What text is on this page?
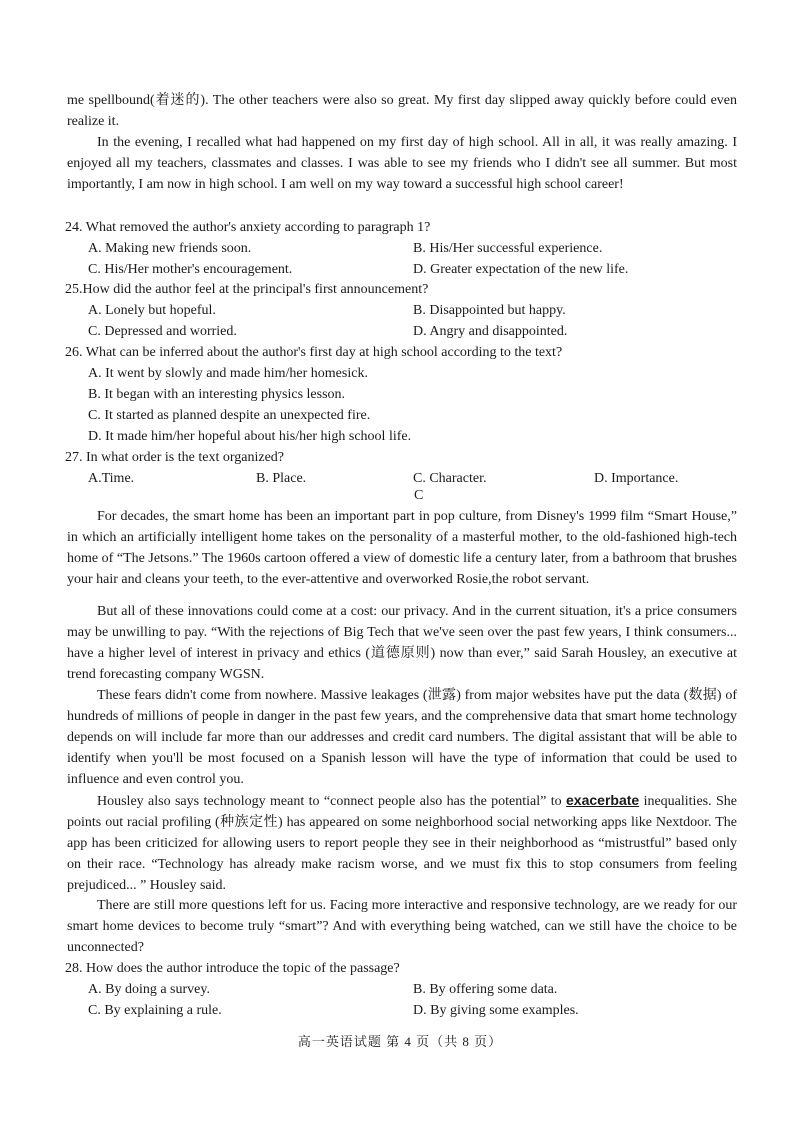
me spellbound(着迷的). The other teachers were also so great. My first day slipped away quickly before could even realize it.

In the evening, I recalled what had happened on my first day of high school. All in all, it was really amazing. I enjoyed all my teachers, classmates and classes. I was able to see my friends who I didn't see all summer. But most importantly, I am now in high school. I am well on my way toward a successful high school career!

24. What removed the author's anxiety according to paragraph 1?

A. Making new friends soon.	B. His/Her successful experience.
C. His/Her mother's encouragement.	D. Greater expectation of the new life.

25.How did the author feel at the principal's first announcement?

A. Lonely but hopeful.	B. Disappointed but happy.
C. Depressed and worried.	D. Angry and disappointed.

26. What can be inferred about the author's first day at high school according to the text?

A. It went by slowly and made him/her homesick.
B. It began with an interesting physics lesson.
C. It started as planned despite an unexpected fire.
D. It made him/her hopeful about his/her high school life.

27. In what order is the text organized?

A.Time.	B. Place.	C. Character.	D. Importance.
C

For decades, the smart home has been an important part in pop culture, from Disney's 1999 film “Smart House,” in which an artificially intelligent home takes on the personality of a masterful mother, to the old-fashioned high-tech home of “The Jetsons.” The 1960s cartoon offered a view of domestic life a century later, from a bathroom that brushes your hair and cleans your teeth, to the ever-attentive and overworked Rosie,the robot servant.

But all of these innovations could come at a cost: our privacy. And in the current situation, it's a price consumers may be unwilling to pay. “With the rejections of Big Tech that we've seen over the past few years, I think consumers... have a higher level of interest in privacy and ethics (道德原则) now than ever,” said Sarah Housley, an executive at trend forecasting company WGSN.

These fears didn't come from nowhere. Massive leakages (泄露) from major websites have put the data (数据) of hundreds of millions of people in danger in the past few years, and the comprehensive data that smart home technology depends on will include far more than our addresses and credit card numbers. The digital assistant that will be able to identify when you'll be most focused on a Spanish lesson will have the type of information that could be used to influence and even control you.

Housley also says technology meant to “connect people also has the potential” to exacerbate inequalities. She points out racial profiling (种族定性) has appeared on some neighborhood social networking apps like Nextdoor. The app has been criticized for allowing users to report people they see in their neighborhood as “mistrustful” based only on their race. “Technology has already make racism worse, and we must fix this to stop consumers from feeling prejudiced... ” Housley said.

There are still more questions left for us. Facing more interactive and responsive technology, are we ready for our smart home devices to become truly “smart”? And with everything being watched, can we still have the choice to be unconnected?

28. How does the author introduce the topic of the passage?

A. By doing a survey.	B. By offering some data.
C. By explaining a rule.	D. By giving some examples.
高一英语试题 第 4 页（共 8 页）
